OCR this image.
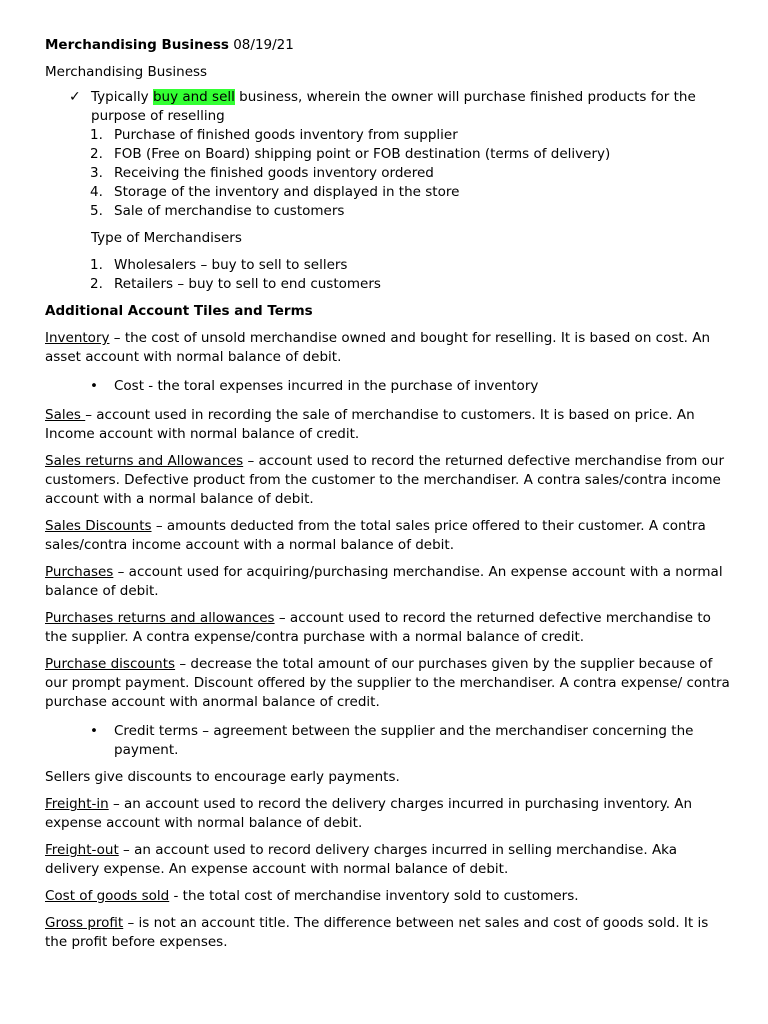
Merchandising Business 08/19/21

Merchandising Business

✓ Typically buy and sell business, wherein the owner will purchase finished products for the purpose of reselling
1. Purchase of finished goods inventory from supplier
2. FOB (Free on Board) shipping point or FOB destination (terms of delivery)
3. Receiving the finished goods inventory ordered
4. Storage of the inventory and displayed in the store
5. Sale of merchandise to customers

Type of Merchandisers

1. Wholesalers – buy to sell to sellers
2. Retailers – buy to sell to end customers

Additional Account Tiles and Terms

Inventory – the cost of unsold merchandise owned and bought for reselling. It is based on cost. An asset account with normal balance of debit.

• Cost - the toral expenses incurred in the purchase of inventory

Sales – account used in recording the sale of merchandise to customers. It is based on price. An Income account with normal balance of credit.

Sales returns and Allowances – account used to record the returned defective merchandise from our customers. Defective product from the customer to the merchandiser. A contra sales/contra income account with a normal balance of debit.

Sales Discounts – amounts deducted from the total sales price offered to their customer. A contra sales/contra income account with a normal balance of debit.

Purchases – account used for acquiring/purchasing merchandise. An expense account with a normal balance of debit.

Purchases returns and allowances – account used to record the returned defective merchandise to the supplier. A contra expense/contra purchase with a normal balance of credit.

Purchase discounts – decrease the total amount of our purchases given by the supplier because of our prompt payment. Discount offered by the supplier to the merchandiser. A contra expense/ contra purchase account with anormal balance of credit.

• Credit terms – agreement between the supplier and the merchandiser concerning the payment.

Sellers give discounts to encourage early payments.

Freight-in – an account used to record the delivery charges incurred in purchasing inventory. An expense account with normal balance of debit.

Freight-out – an account used to record delivery charges incurred in selling merchandise. Aka delivery expense. An expense account with normal balance of debit.

Cost of goods sold - the total cost of merchandise inventory sold to customers.

Gross profit – is not an account title. The difference between net sales and cost of goods sold. It is the profit before expenses.
